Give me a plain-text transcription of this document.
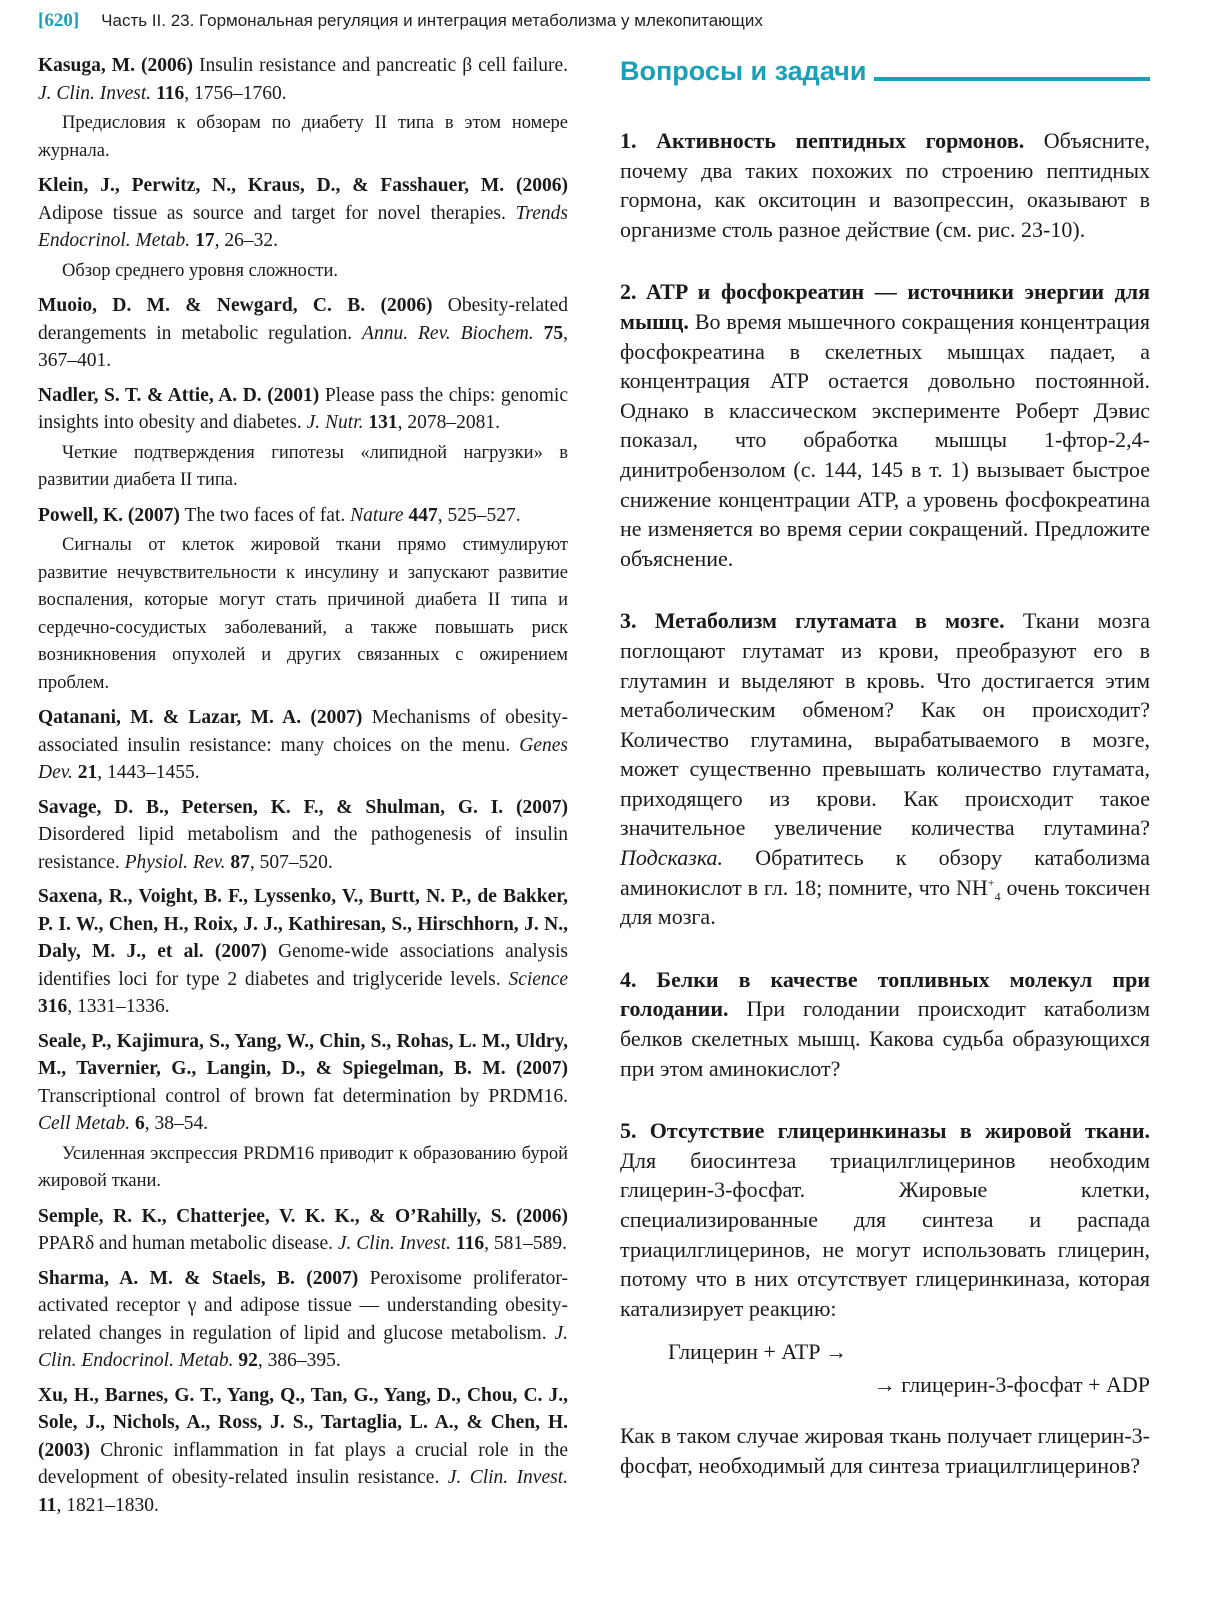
[620] Часть II. 23. Гормональная регуляция и интеграция метаболизма у млекопитающих

Kasuga, M. (2006) Insulin resistance and pancreatic β cell failure. J. Clin. Invest. 116, 1756–1760.

Предисловия к обзорам по диабету II типа в этом номере журнала.

Klein, J., Perwitz, N., Kraus, D., & Fasshauer, M. (2006) Adipose tissue as source and target for novel therapies. Trends Endocrinol. Metab. 17, 26–32.

Обзор среднего уровня сложности.

Muoio, D. M. & Newgard, C. B. (2006) Obesity-related derangements in metabolic regulation. Annu. Rev. Biochem. 75, 367–401.

Nadler, S. T. & Attie, A. D. (2001) Please pass the chips: genomic insights into obesity and diabetes. J. Nutr. 131, 2078–2081.

Четкие подтверждения гипотезы «липидной нагрузки» в развитии диабета II типа.

Powell, K. (2007) The two faces of fat. Nature 447, 525–527.

Сигналы от клеток жировой ткани прямо стимулируют развитие нечувствительности к инсулину и запускают развитие воспаления, которые могут стать причиной диабета II типа и сердечно-сосудистых заболеваний, а также повышать риск возникновения опухолей и других связанных с ожирением проблем.

Qatanani, M. & Lazar, M. A. (2007) Mechanisms of obesity-associated insulin resistance: many choices on the menu. Genes Dev. 21, 1443–1455.

Savage, D. B., Petersen, K. F., & Shulman, G. I. (2007) Disordered lipid metabolism and the pathogenesis of insulin resistance. Physiol. Rev. 87, 507–520.

Saxena, R., Voight, B. F., Lyssenko, V., Burtt, N. P., de Bakker, P. I. W., Chen, H., Roix, J. J., Kathiresan, S., Hirschhorn, J. N., Daly, M. J., et al. (2007) Genome-wide associations analysis identifies loci for type 2 diabetes and triglyceride levels. Science 316, 1331–1336.

Seale, P., Kajimura, S., Yang, W., Chin, S., Rohas, L. M., Uldry, M., Tavernier, G., Langin, D., & Spiegelman, B. M. (2007) Transcriptional control of brown fat determination by PRDM16. Cell Metab. 6, 38–54.

Усиленная экспрессия PRDM16 приводит к образованию бурой жировой ткани.

Semple, R. K., Chatterjee, V. K. K., & O’Rahilly, S. (2006) PPARδ and human metabolic disease. J. Clin. Invest. 116, 581–589.

Sharma, A. M. & Staels, B. (2007) Peroxisome proliferator-activated receptor γ and adipose tissue — understanding obesity-related changes in regulation of lipid and glucose metabolism. J. Clin. Endocrinol. Metab. 92, 386–395.

Xu, H., Barnes, G. T., Yang, Q., Tan, G., Yang, D., Chou, C. J., Sole, J., Nichols, A., Ross, J. S., Tartaglia, L. A., & Chen, H. (2003) Chronic inflammation in fat plays a crucial role in the development of obesity-related insulin resistance. J. Clin. Invest. 11, 1821–1830.

Вопросы и задачи

1. Активность пептидных гормонов. Объясните, почему два таких похожих по строению пептидных гормона, как окситоцин и вазопрессин, оказывают в организме столь разное действие (см. рис. 23-10).

2. ATP и фосфокреатин — источники энергии для мышц. Во время мышечного сокращения концентрация фосфокреатина в скелетных мышцах падает, а концентрация ATP остается довольно постоянной. Однако в классическом эксперименте Роберт Дэвис показал, что обработка мышцы 1-фтор-2,4-динитробензолом (с. 144, 145 в т. 1) вызывает быстрое снижение концентрации ATP, а уровень фосфокреатина не изменяется во время серии сокращений. Предложите объяснение.

3. Метаболизм глутамата в мозге. Ткани мозга поглощают глутамат из крови, преобразуют его в глутамин и выделяют в кровь. Что достигается этим метаболическим обменом? Как он происходит? Количество глутамина, вырабатываемого в мозге, может существенно превышать количество глутамата, приходящего из крови. Как происходит такое значительное увеличение количества глутамина? Подсказка. Обратитесь к обзору катаболизма аминокислот в гл. 18; помните, что $NH^+_4$ очень токсичен для мозга.

4. Белки в качестве топливных молекул при голодании. При голодании происходит катаболизм белков скелетных мышц. Какова судьба образующихся при этом аминокислот?

5. Отсутствие глицеринкиназы в жировой ткани. Для биосинтеза триацилглицеринов необходим глицерин-3-фосфат. Жировые клетки, специализированные для синтеза и распада триацилглицеринов, не могут использовать глицерин, потому что в них отсутствует глицеринкиназа, которая катализирует реакцию:

Глицерин + ATP →
→ глицерин-3-фосфат + ADP

Как в таком случае жировая ткань получает глицерин-3-фосфат, необходимый для синтеза триацилглицеринов?
